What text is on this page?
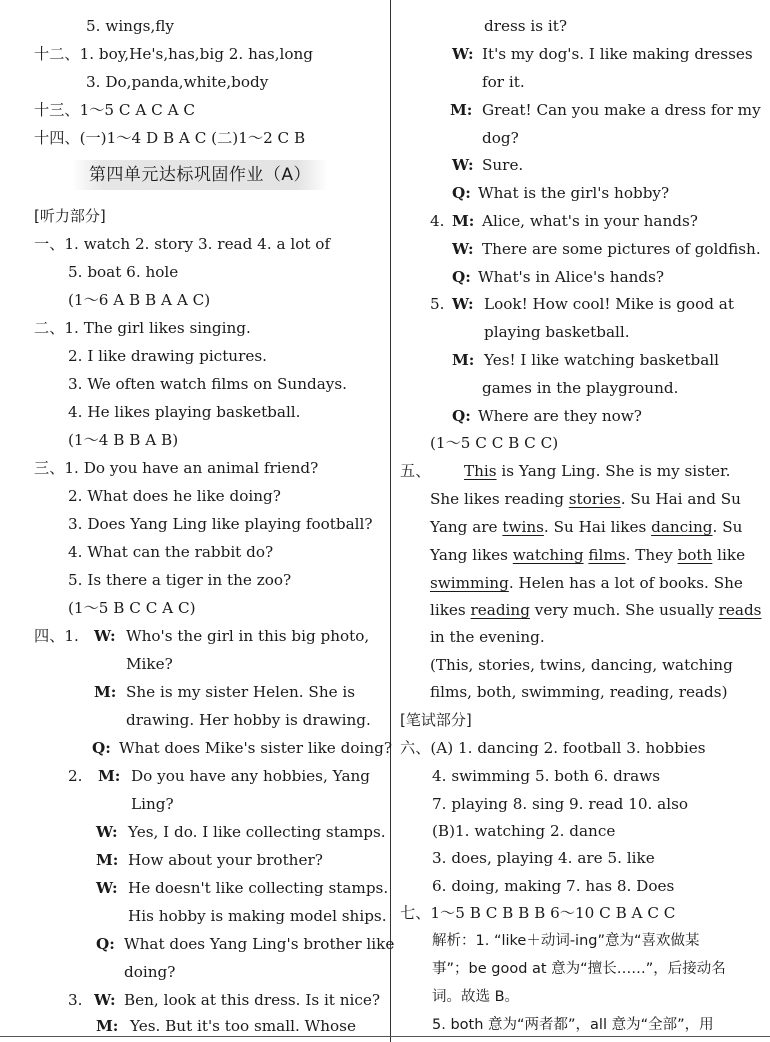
5. wings,fly
十二、1. boy,He's,has,big 2. has,long
3. Do,panda,white,body
十三、1～5 C A C A C
十四、(一)1～4 D B A C (二)1～2 C B
第四单元达标巩固作业（A）
[听力部分]
一、1. watch 2. story 3. read 4. a lot of
5. boat 6. hole
(1～6 A B B A A C)
二、1. The girl likes singing.
2. I like drawing pictures.
3. We often watch films on Sundays.
4. He likes playing basketball.
(1～4 B B A B)
三、1. Do you have an animal friend?
2. What does he like doing?
3. Does Yang Ling like playing football?
4. What can the rabbit do?
5. Is there a tiger in the zoo?
(1～5 B C C A C)
四、1. W: Who's the girl in this big photo,
Mike?
M: She is my sister Helen. She is
drawing. Her hobby is drawing.
Q: What does Mike's sister like doing?
2. M: Do you have any hobbies, Yang
Ling?
W: Yes, I do. I like collecting stamps.
M: How about your brother?
W: He doesn't like collecting stamps.
His hobby is making model ships.
Q: What does Yang Ling's brother like
doing?
3. W: Ben, look at this dress. Is it nice?
M: Yes. But it's too small. Whose
dress is it?
W: It's my dog's. I like making dresses
for it.
M: Great! Can you make a dress for my
dog?
W: Sure.
Q: What is the girl's hobby?
4. M: Alice, what's in your hands?
W: There are some pictures of goldfish.
Q: What's in Alice's hands?
5. W: Look! How cool! Mike is good at
playing basketball.
M: Yes! I like watching basketball
games in the playground.
Q: Where are they now?
(1～5 C C B C C)
五、 This is Yang Ling. She is my sister.
She likes reading stories. Su Hai and Su
Yang are twins. Su Hai likes dancing. Su
Yang likes watching films. They both like
swimming. Helen has a lot of books. She
likes reading very much. She usually reads
in the evening.
(This, stories, twins, dancing, watching
films, both, swimming, reading, reads)
[笔试部分]
六、(A) 1. dancing 2. football 3. hobbies
4. swimming 5. both 6. draws
7. playing 8. sing 9. read 10. also
(B)1. watching 2. dance
3. does, playing 4. are 5. like
6. doing, making 7. has 8. Does
七、1～5 B C B B B 6～10 C B A C C
解析：1. “like＋动词-ing”意为“喜欢做某
事”；be good at 意为“擅长……”，后接动名
词。故选 B。
5. both 意为“两者都”，all 意为“全部”，用
